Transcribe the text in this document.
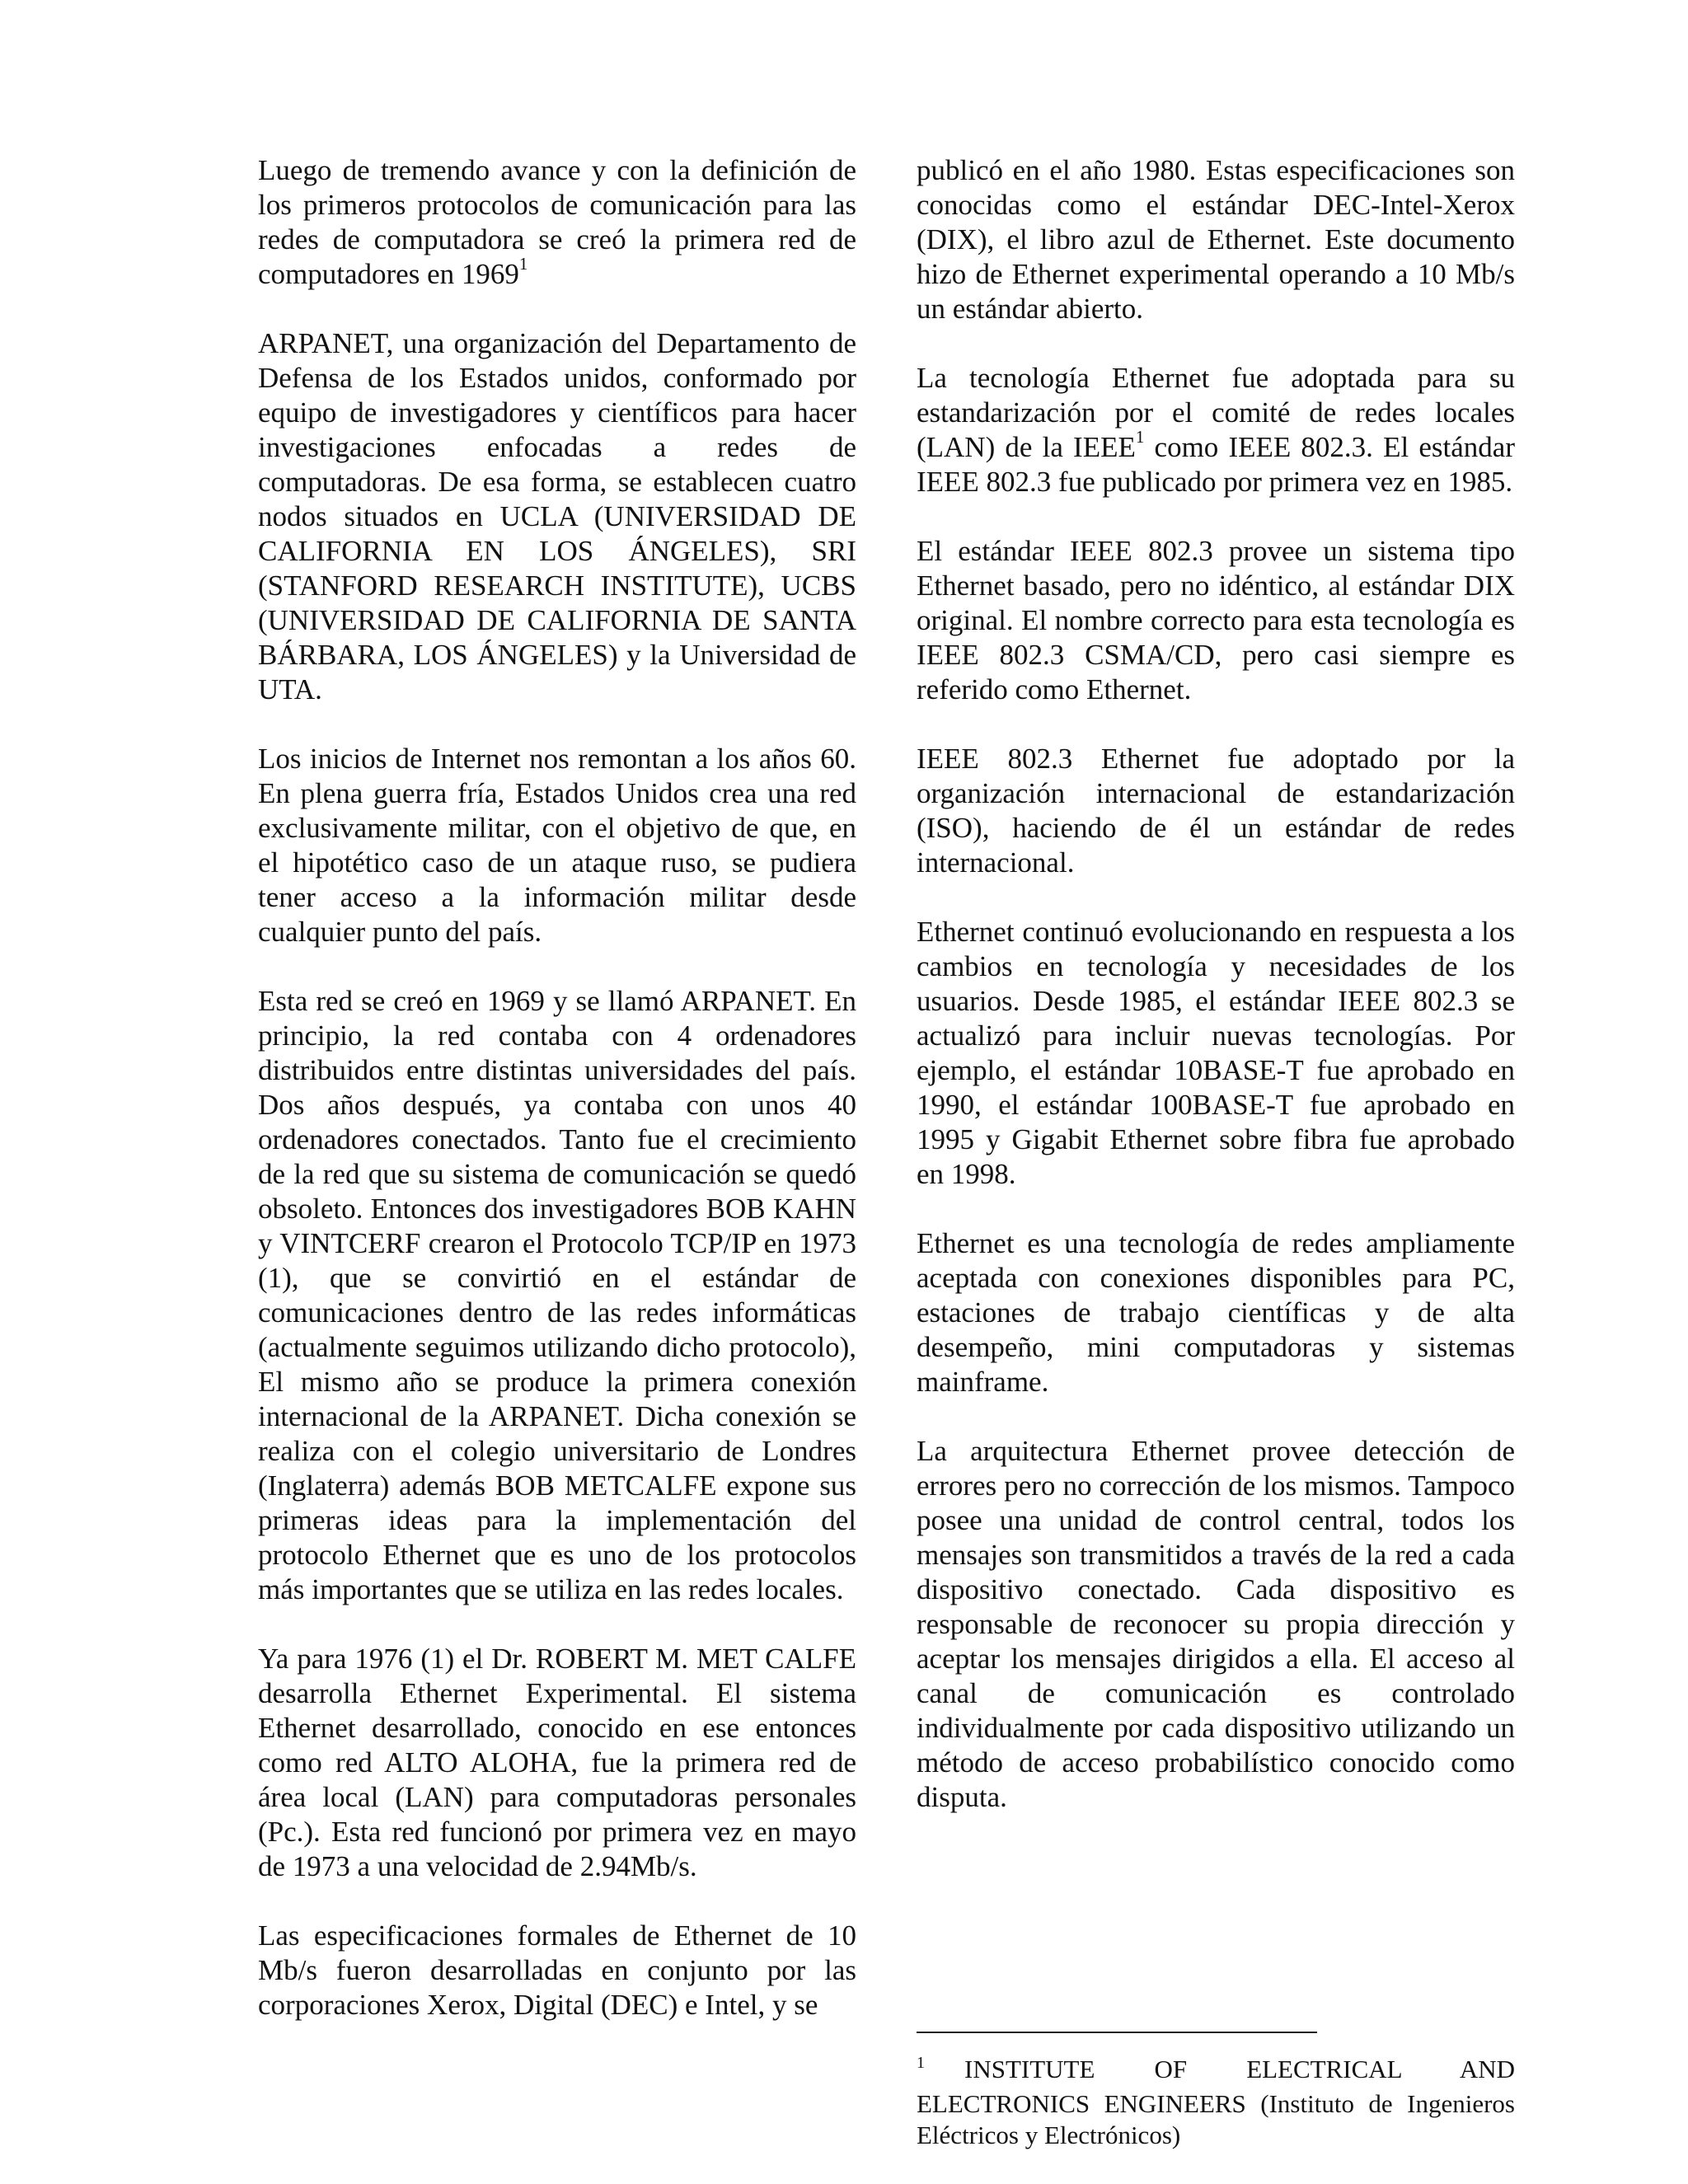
Luego de tremendo avance y con la definición de los primeros protocolos de comunicación para las redes de computadora se creó la primera red de computadores en 1969$^1$

ARPANET, una organización del Departamento de Defensa de los Estados unidos, conformado por equipo de investigadores y científicos para hacer investigaciones enfocadas a redes de computadoras. De esa forma, se establecen cuatro nodos situados en UCLA (UNIVERSIDAD DE CALIFORNIA EN LOS ÁNGELES), SRI (STANFORD RESEARCH INSTITUTE), UCBS (UNIVERSIDAD DE CALIFORNIA DE SANTA BÁRBARA, LOS ÁNGELES) y la Universidad de UTA.

Los inicios de Internet nos remontan a los años 60. En plena guerra fría, Estados Unidos crea una red exclusivamente militar, con el objetivo de que, en el hipotético caso de un ataque ruso, se pudiera tener acceso a la información militar desde cualquier punto del país.

Esta red se creó en 1969 y se llamó ARPANET. En principio, la red contaba con 4 ordenadores distribuidos entre distintas universidades del país. Dos años después, ya contaba con unos 40 ordenadores conectados. Tanto fue el crecimiento de la red que su sistema de comunicación se quedó obsoleto. Entonces dos investigadores BOB KAHN y VINTCERF crearon el Protocolo TCP/IP en 1973 (1), que se convirtió en el estándar de comunicaciones dentro de las redes informáticas (actualmente seguimos utilizando dicho protocolo), El mismo año se produce la primera conexión internacional de la ARPANET. Dicha conexión se realiza con el colegio universitario de Londres (Inglaterra) además BOB METCALFE expone sus primeras ideas para la implementación del protocolo Ethernet que es uno de los protocolos más importantes que se utiliza en las redes locales.

Ya para 1976 (1) el Dr. ROBERT M. MET CALFE desarrolla Ethernet Experimental. El sistema Ethernet desarrollado, conocido en ese entonces como red ALTO ALOHA, fue la primera red de área local (LAN) para computadoras personales (Pc.). Esta red funcionó por primera vez en mayo de 1973 a una velocidad de 2.94Mb/s.

Las especificaciones formales de Ethernet de 10 Mb/s fueron desarrolladas en conjunto por las corporaciones Xerox, Digital (DEC) e Intel, y se

publicó en el año 1980. Estas especificaciones son conocidas como el estándar DEC-Intel-Xerox (DIX), el libro azul de Ethernet. Este documento hizo de Ethernet experimental operando a 10 Mb/s un estándar abierto.

La tecnología Ethernet fue adoptada para su estandarización por el comité de redes locales (LAN) de la IEEE$^1$ como IEEE 802.3. El estándar IEEE 802.3 fue publicado por primera vez en 1985.

El estándar IEEE 802.3 provee un sistema tipo Ethernet basado, pero no idéntico, al estándar DIX original. El nombre correcto para esta tecnología es IEEE 802.3 CSMA/CD, pero casi siempre es referido como Ethernet.

IEEE 802.3 Ethernet fue adoptado por la organización internacional de estandarización (ISO), haciendo de él un estándar de redes internacional.

Ethernet continuó evolucionando en respuesta a los cambios en tecnología y necesidades de los usuarios. Desde 1985, el estándar IEEE 802.3 se actualizó para incluir nuevas tecnologías. Por ejemplo, el estándar 10BASE-T fue aprobado en 1990, el estándar 100BASE-T fue aprobado en 1995 y Gigabit Ethernet sobre fibra fue aprobado en 1998.

Ethernet es una tecnología de redes ampliamente aceptada con conexiones disponibles para PC, estaciones de trabajo científicas y de alta desempeño, mini computadoras y sistemas mainframe.

La arquitectura Ethernet provee detección de errores pero no corrección de los mismos. Tampoco posee una unidad de control central, todos los mensajes son transmitidos a través de la red a cada dispositivo conectado. Cada dispositivo es responsable de reconocer su propia dirección y aceptar los mensajes dirigidos a ella. El acceso al canal de comunicación es controlado individualmente por cada dispositivo utilizando un método de acceso probabilístico conocido como disputa.

$^1$ INSTITUTE OF ELECTRICAL AND ELECTRONICS ENGINEERS (Instituto de Ingenieros Eléctricos y Electrónicos)
